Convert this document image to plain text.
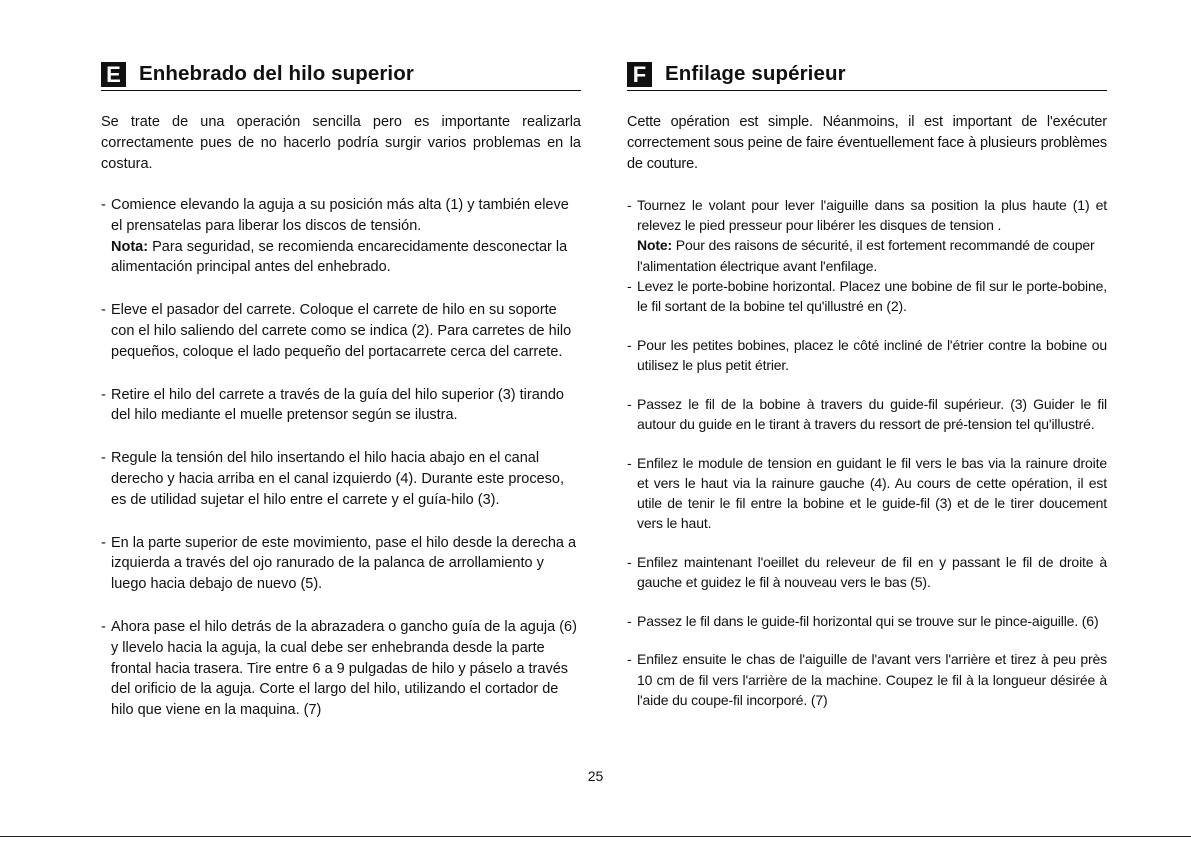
E Enhebrado del hilo superior

Se trate de una operación sencilla pero es importante realizarla correctamente pues de no hacerlo podría surgir varios problemas en la costura.

- Comience elevando la aguja a su posición más alta (1) y también eleve el prensatelas para liberar los discos de tensión.
Nota: Para seguridad, se recomienda encarecidamente desconectar la alimentación principal antes del enhebrado.
- Eleve el pasador del carrete. Coloque el carrete de hilo en su soporte con el hilo saliendo del carrete como se indica (2). Para carretes de hilo pequeños, coloque el lado pequeño del portacarrete cerca del carrete.
- Retire el hilo del carrete a través de la guía del hilo superior (3) tirando del hilo mediante el muelle pretensor según se ilustra.
- Regule la tensión del hilo insertando el hilo hacia abajo en el canal derecho y hacia arriba en el canal izquierdo (4). Durante este proceso, es de utilidad sujetar el hilo entre el carrete y el guía-hilo (3).
- En la parte superior de este movimiento, pase el hilo desde la derecha a izquierda a través del ojo ranurado de la palanca de arrollamiento y luego hacia debajo de nuevo (5).
- Ahora pase el hilo detrás de la abrazadera o gancho guía de la aguja (6) y llevelo hacia la aguja, la cual debe ser enhebranda desde la parte frontal hacia trasera. Tire entre 6 a 9 pulgadas de hilo y páselo a través del orificio de la aguja. Corte el largo del hilo, utilizando el cortador de hilo que viene en la maquina. (7)
F Enfilage supérieur

Cette opération est simple. Néanmoins, il est important de l'exécuter correctement sous peine de faire éventuellement face à plusieurs problèmes de couture.

- Tournez le volant pour lever l'aiguille dans sa position la plus haute (1) et relevez le pied presseur pour libérer les disques de tension .
Note: Pour des raisons de sécurité, il est fortement recommandé de couper l'alimentation électrique avant l'enfilage.
- Levez le porte-bobine horizontal. Placez une bobine de fil sur le porte-bobine, le fil sortant de la bobine tel qu'illustré en (2).
- Pour les petites bobines, placez le côté incliné de l'étrier contre la bobine ou utilisez le plus petit étrier.
- Passez le fil de la bobine à travers du guide-fil supérieur. (3) Guider le fil autour du guide en le tirant à travers du ressort de pré-tension tel qu'illustré.
- Enfilez le module de tension en guidant le fil vers le bas via la rainure droite et vers le haut via la rainure gauche (4). Au cours de cette opération, il est utile de tenir le fil entre la bobine et le guide-fil (3) et de le tirer doucement vers le haut.
- Enfilez maintenant l'oeillet du releveur de fil en y passant le fil de droite à gauche et guidez le fil à nouveau vers le bas (5).
- Passez le fil dans le guide-fil horizontal qui se trouve sur le pince-aiguille. (6)
- Enfilez ensuite le chas de l'aiguille de l'avant vers l'arrière et tirez à peu près 10 cm de fil vers l'arrière de la machine. Coupez le fil à la longueur désirée à l'aide du coupe-fil incorporé. (7)
25
